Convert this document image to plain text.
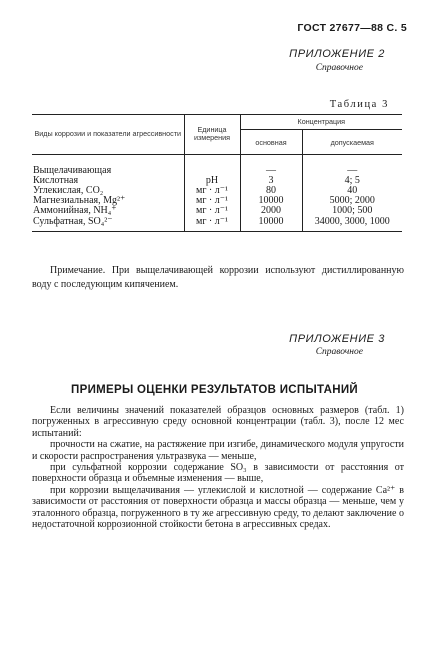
ГОСТ 27677—88 С. 5
ПРИЛОЖЕНИЕ 2
Справочное
Таблица 3
Виды коррозии и показатели агрессивности	Единица измерения	Концентрация	
		основная	допускаемая
Выщелачивающая		—	—
Кислотная	pH	3	4; 5
Углекислая, CO₂	мг · л⁻¹	80	40
Магнезиальная, Mg²⁺	мг · л⁻¹	10000	5000; 2000
Аммонийная, NH₄⁺	мг · л⁻¹	2000	1000; 500
Сульфатная, SO₄²⁻	мг · л⁻¹	10000	34000, 3000, 1000
Примечание. При выщелачивающей коррозии используют дистиллированную воду с последующим кипячением.
ПРИЛОЖЕНИЕ 3
Справочное
ПРИМЕРЫ ОЦЕНКИ РЕЗУЛЬТАТОВ ИСПЫТАНИЙ

Если величины значений показателей образцов основных размеров (табл. 1) погруженных в агрессивную среду основной концентрации (табл. 3), после 12 мес испытаний:

прочности на сжатие, на растяжение при изгибе, динамического модуля упругости и скорости распространения ультразвука — меньше,

при сульфатной коррозии содержание SO₃ в зависимости от расстояния от поверхности образца и объемные изменения — выше,

при коррозии выщелачивания — углекислой и кислотной — содержание Ca²⁺ в зависимости от расстояния от поверхности образца и массы образца — меньше, чем у эталонного образца, погруженного в ту же агрессивную среду, то делают заключение о недостаточной коррозионной стойкости бетона в агрессивных средах.
